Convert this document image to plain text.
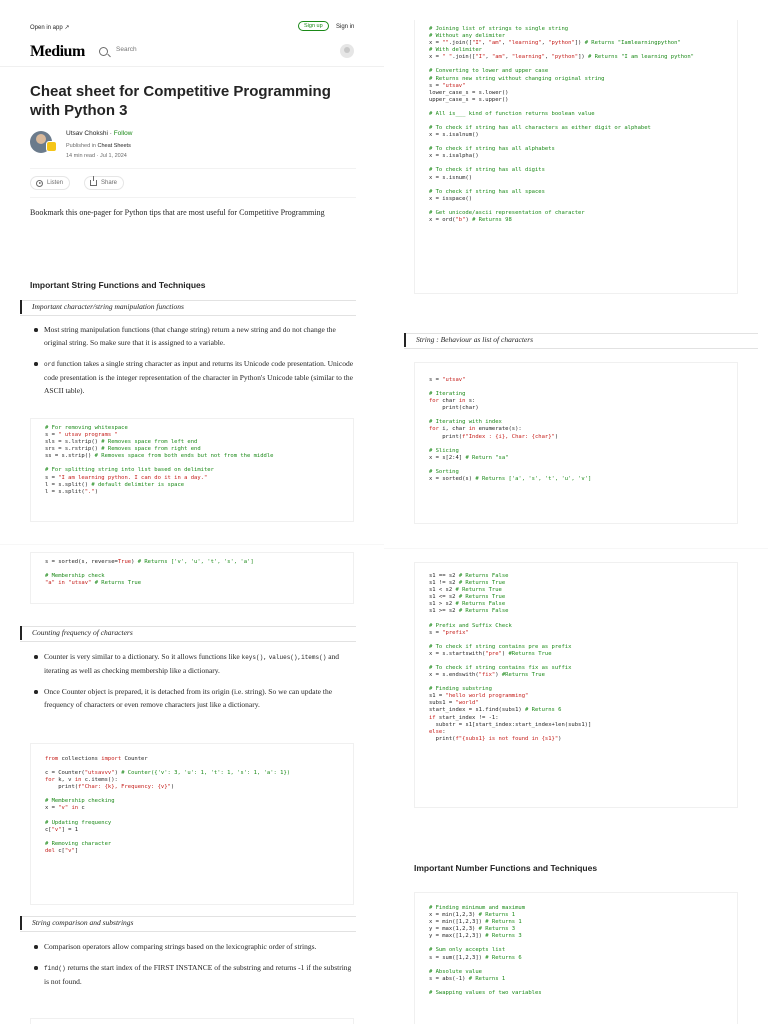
Open in app ↗	Sign up	Sign in
Medium
Search
Cheat sheet for Competitive Programming with Python 3
Utsav Chokshi · Follow
Published in Cheat Sheets
14 min read · Jul 1, 2024
Listen	Share

Bookmark this one-pager for Python tips that are most useful for Competitive Programming

Important String Functions and Techniques
Important character/string manipulation functions
Most string manipulation functions (that change string) return a new string and do not change the original string. So make sure that it is assigned to a variable.
ord function takes a single string character as input and returns its Unicode code presentation. Unicode code presentation is the integer representation of the character in Python's Unicode table (similar to the ASCII table).
# For removing whitespace
s = " utsav programs "
sls = s.lstrip() # Removes space from left end
srs = s.rstrip() # Removes space from right end
ss = s.strip() # Removes space from both ends but not from the middle

# For splitting string into list based on delimiter
s = "I am learning python. I can do it in a day."
l = s.split() # default delimiter is space
l = s.split(".")
s = sorted(s, reverse=True) # Returns ['v', 'u', 't', 's', 'a']

# Membership check
"a" in "utsav" # Returns True
Counting frequency of characters
Counter is very similar to a dictionary. So it allows functions like keys(), values(),items() and iterating as well as checking membership like a dictionary.
Once Counter object is prepared, it is detached from its origin (i.e. string). So we can update the frequency of characters or even remove characters just like a dictionary.
from collections import Counter

c = Counter("utsavvv") # Counter({'v': 3, 'u': 1, 't': 1, 's': 1, 'a': 1})
for k, v in c.items():
print(f"Char: {k}, Frequency: {v}")

# Membership checking
x = "v" in c

# Updating frequency
c["v"] = 1

# Removing character
del c["v"]
String comparison and substrings
Comparison operators allow comparing strings based on the lexicographic order of strings.
find() returns the start index of the FIRST INSTANCE of the substring and returns -1 if the substring is not found.
# Joining list of strings to single string
# Without any delimiter
x = "".join(["I", "am", "learning", "python"]) # Returns "Iamlearningpython"
# With delimiter
x = " ".join(["I", "am", "learning", "python"]) # Returns "I am learning python"

# Converting to lower and upper case
# Returns new string without changing original string
s = "utsav"
lower_case_s = s.lower()
upper_case_s = s.upper()

# All is___ kind of function returns boolean value

# To check if string has all characters as either digit or alphabet
x = s.isalnum()

# To check if string has all alphabets
x = s.isalpha()

# To check if string has all digits
x = s.isnum()

# To check if string has all spaces
x = isspace()

# Get unicode/ascii representation of character
x = ord("b") # Returns 98
String : Behaviour as list of characters
s = "utsav"

# Iterating
for char in s:
print(char)

# Iterating with index
for i, char in enumerate(s):
print(f"Index : {i}, Char: {char}")

# Slicing
x = s[2:4] # Return "sa"

# Sorting
x = sorted(s) # Returns ['a', 's', 't', 'u', 'v']
s1 == s2 # Returns False
s1 != s2 # Returns True
s1 < s2 # Returns True
s1 <= s2 # Returns True
s1 > s2 # Returns False
s1 >= s2 # Returns False

# Prefix and Suffix Check
s = "prefix"

# To check if string contains pre as prefix
x = s.startswith("pre") #Returns True

# To check if string contains fix as suffix
x = s.endswith("fix") #Returns True

# Finding substring
s1 = "hello world programming"
subs1 = "world"
start_index = s1.find(subs1) # Returns 6
if start_index != -1:
substr = s1[start_index:start_index+len(subs1)]
else:
print(f"{subs1} is not found in {s1}")
Important Number Functions and Techniques
# Finding minimum and maximum
x = min(1,2,3) # Returns 1
x = min([1,2,3]) # Returns 1
y = max(1,2,3) # Returns 3
y = max([1,2,3]) # Returns 3

# Sum only accepts list
s = sum([1,2,3]) # Returns 6

# Absolute value
s = abs(-1) # Returns 1

# Swapping values of two variables
